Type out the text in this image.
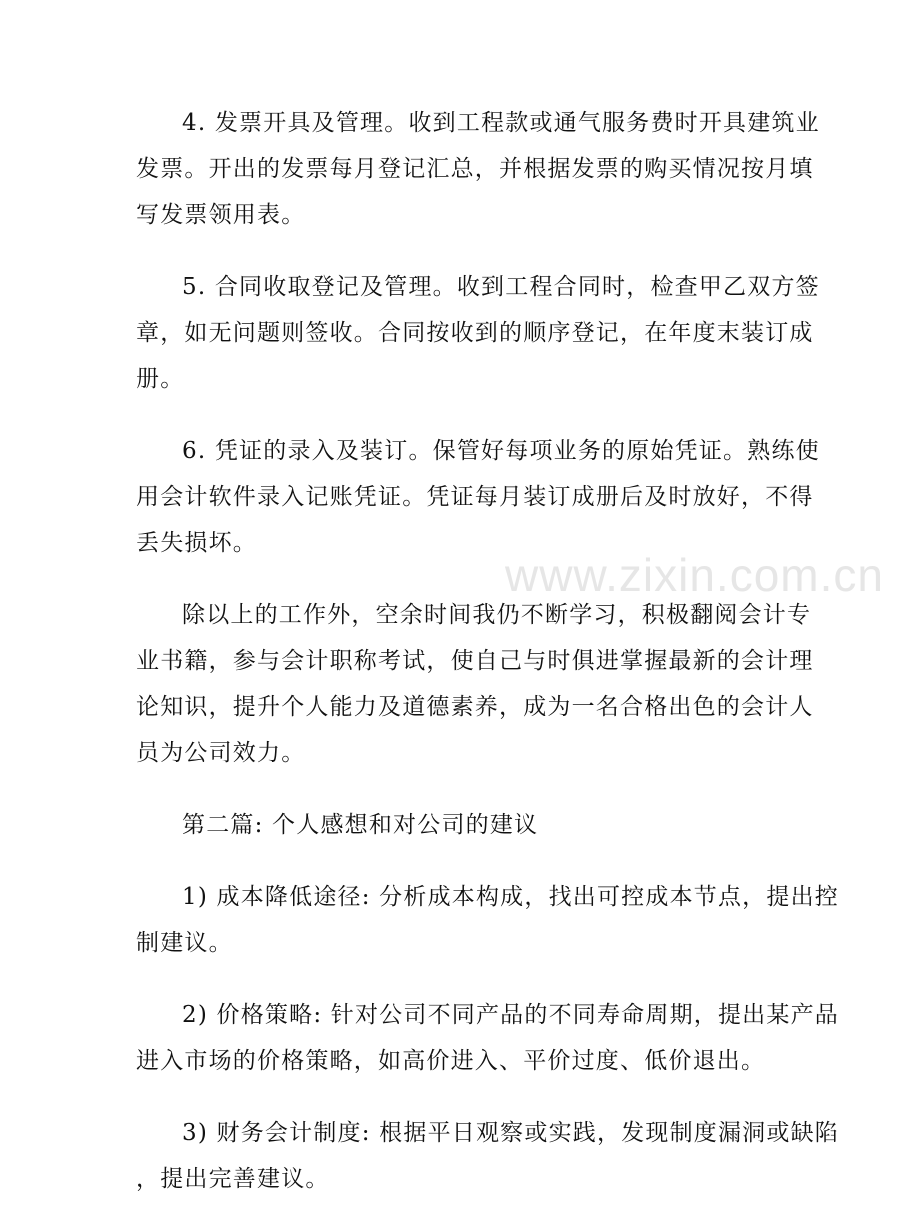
www.zixin.com.cn

4. 发票开具及管理。收到工程款或通气服务费时开具建筑业
发票。开出的发票每月登记汇总，并根据发票的购买情况按月填
写发票领用表。

5. 合同收取登记及管理。收到工程合同时，检查甲乙双方签
章，如无问题则签收。合同按收到的顺序登记，在年度末装订成
册。

6. 凭证的录入及装订。保管好每项业务的原始凭证。熟练使
用会计软件录入记账凭证。凭证每月装订成册后及时放好，不得
丢失损坏。

除以上的工作外，空余时间我仍不断学习，积极翻阅会计专
业书籍，参与会计职称考试，使自己与时俱进掌握最新的会计理
论知识，提升个人能力及道德素养，成为一名合格出色的会计人
员为公司效力。

第二篇: 个人感想和对公司的建议

1) 成本降低途径: 分析成本构成，找出可控成本节点，提出控
制建议。

2) 价格策略: 针对公司不同产品的不同寿命周期，提出某产品
进入市场的价格策略，如高价进入、平价过度、低价退出。

3) 财务会计制度: 根据平日观察或实践，发现制度漏洞或缺陷
，提出完善建议。
